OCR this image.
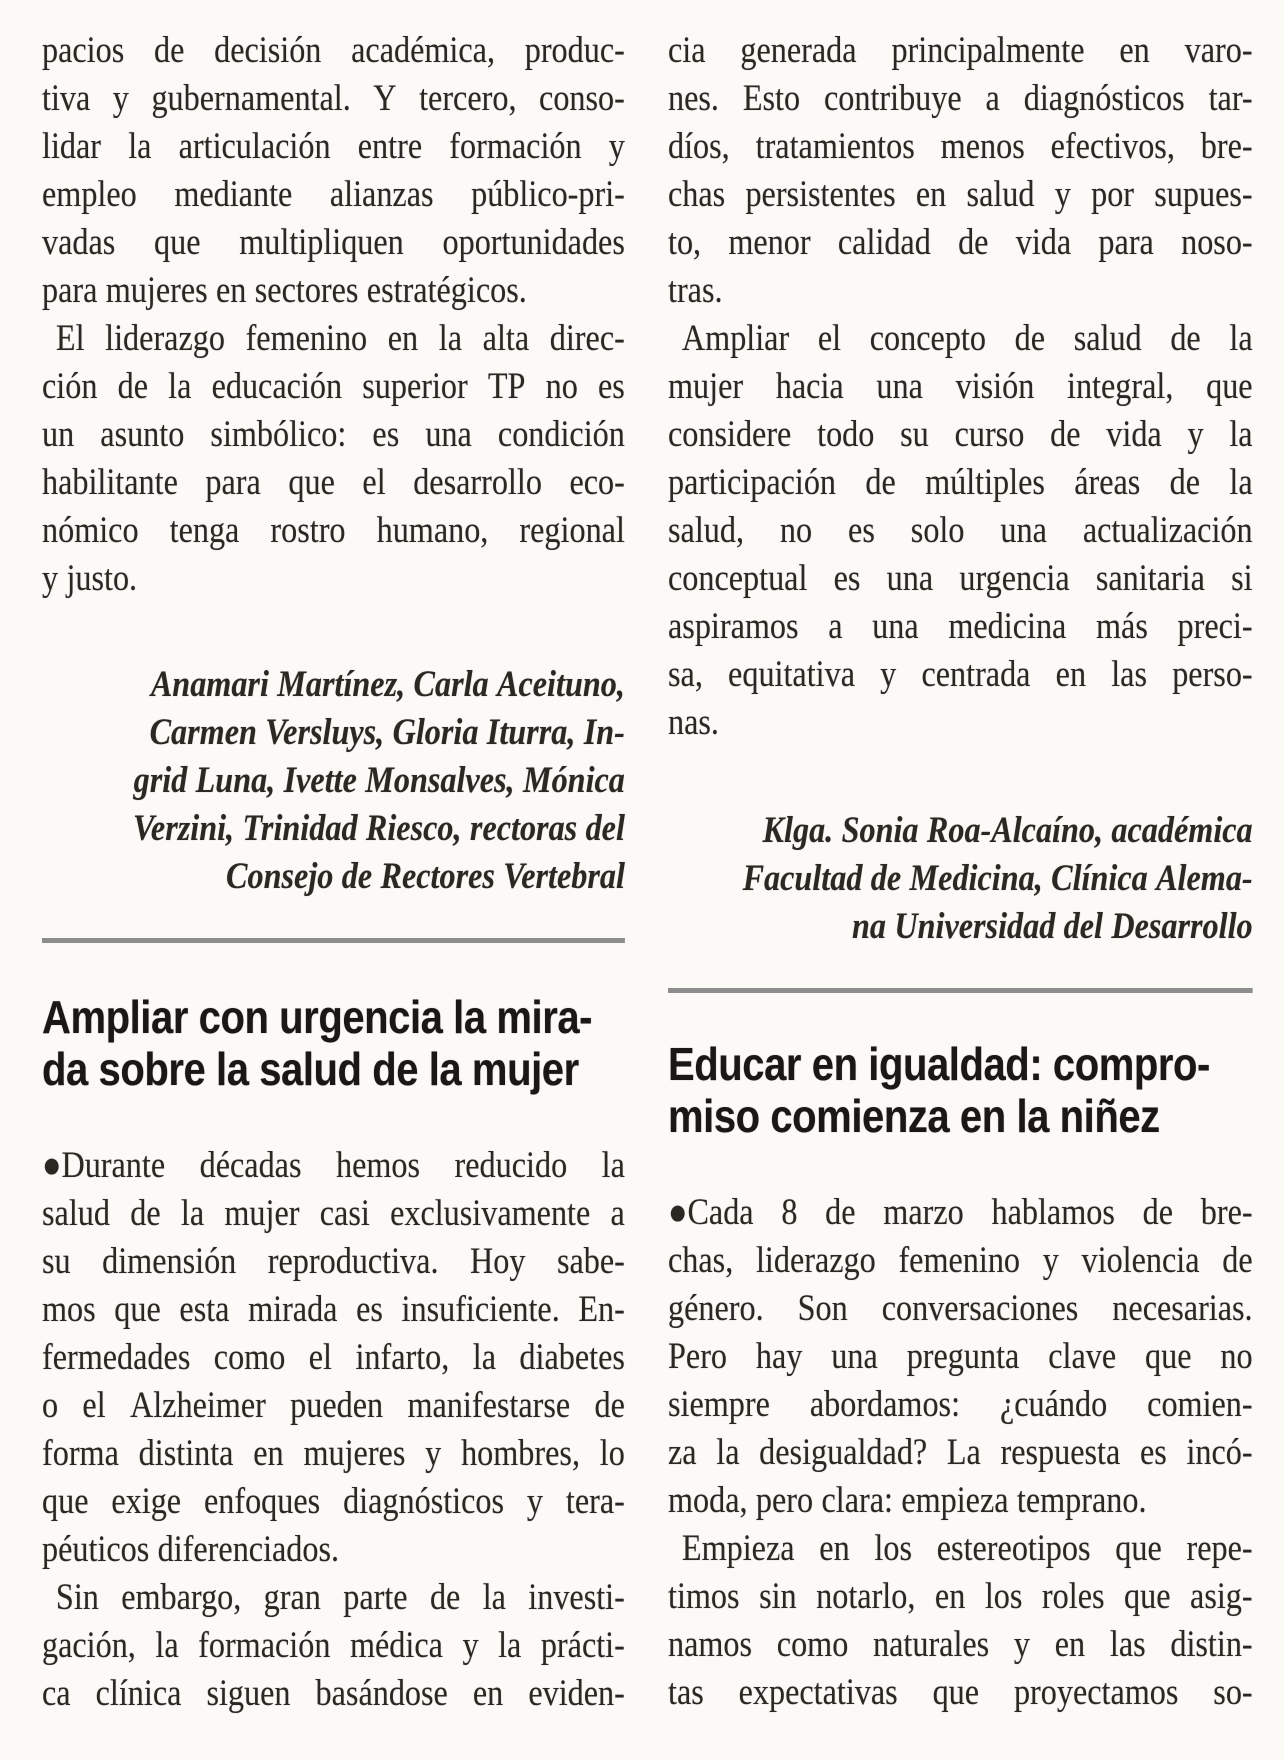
pacios de decisión académica, produc-
tiva y gubernamental. Y tercero, conso-
lidar la articulación entre formación y
empleo mediante alianzas público-pri-
vadas que multipliquen oportunidades
para mujeres en sectores estratégicos.
El liderazgo femenino en la alta direc-
ción de la educación superior TP no es
un asunto simbólico: es una condición
habilitante para que el desarrollo eco-
nómico tenga rostro humano, regional
y justo.
Anamari Martínez, Carla Aceituno,
Carmen Versluys, Gloria Iturra, In-
grid Luna, Ivette Monsalves, Mónica
Verzini, Trinidad Riesco, rectoras del
Consejo de Rectores Vertebral
Ampliar con urgencia la mira-
da sobre la salud de la mujer
●Durante décadas hemos reducido la
salud de la mujer casi exclusivamente a
su dimensión reproductiva. Hoy sabe-
mos que esta mirada es insuficiente. En-
fermedades como el infarto, la diabetes
o el Alzheimer pueden manifestarse de
forma distinta en mujeres y hombres, lo
que exige enfoques diagnósticos y tera-
péuticos diferenciados.
Sin embargo, gran parte de la investi-
gación, la formación médica y la prácti-
ca clínica siguen basándose en eviden-
cia generada principalmente en varo-
nes. Esto contribuye a diagnósticos tar-
díos, tratamientos menos efectivos, bre-
chas persistentes en salud y por supues-
to, menor calidad de vida para noso-
tras.
Ampliar el concepto de salud de la
mujer hacia una visión integral, que
considere todo su curso de vida y la
participación de múltiples áreas de la
salud, no es solo una actualización
conceptual es una urgencia sanitaria si
aspiramos a una medicina más preci-
sa, equitativa y centrada en las perso-
nas.
Klga. Sonia Roa-Alcaíno, académica
Facultad de Medicina, Clínica Alema-
na Universidad del Desarrollo
Educar en igualdad: compro-
miso comienza en la niñez
●Cada 8 de marzo hablamos de bre-
chas, liderazgo femenino y violencia de
género. Son conversaciones necesarias.
Pero hay una pregunta clave que no
siempre abordamos: ¿cuándo comien-
za la desigualdad? La respuesta es incó-
moda, pero clara: empieza temprano.
Empieza en los estereotipos que repe-
timos sin notarlo, en los roles que asig-
namos como naturales y en las distin-
tas expectativas que proyectamos so-
